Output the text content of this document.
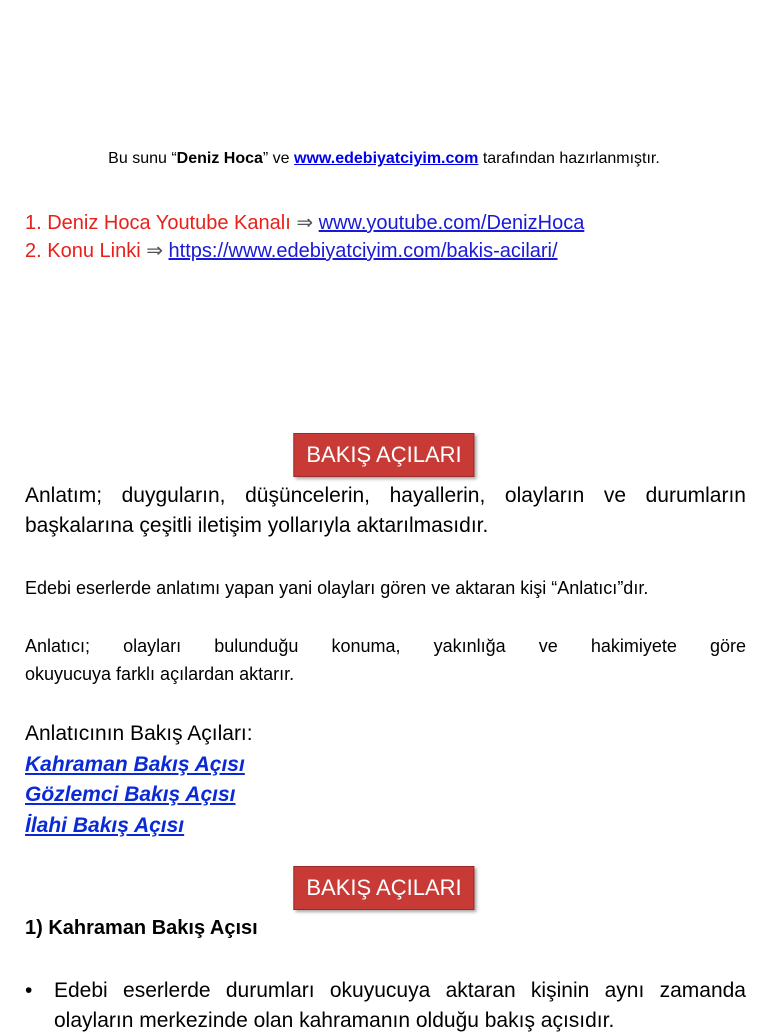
Bu sunu “Deniz Hoca” ve www.edebiyatciyim.com tarafından hazırlanmıştır.
1. Deniz Hoca Youtube Kanalı ⇒ www.youtube.com/DenizHoca
2. Konu Linki ⇒ https://www.edebiyatciyim.com/bakis-acilari/
BAKIŞ AÇILARI
Anlatım; duyguların, düşüncelerin, hayallerin, olayların ve durumların başkalarına çeşitli iletişim yollarıyla aktarılmasıdır.
Edebi eserlerde anlatımı yapan yani olayları gören ve aktaran kişi “Anlatıcı”dır.
Anlatıcı; olayları bulunduğu konuma, yakınlığa ve hakimiyete göre
okuyucuya farklı açılardan aktarır.
Anlatıcının Bakış Açıları:
Kahraman Bakış Açısı
Gözlemci Bakış Açısı
İlahi Bakış Açısı
BAKIŞ AÇILARI
1) Kahraman Bakış Açısı
• Edebi eserlerde durumları okuyucuya aktaran kişinin aynı zamanda olayların merkezinde olan kahramanın olduğu bakış açısıdır.
